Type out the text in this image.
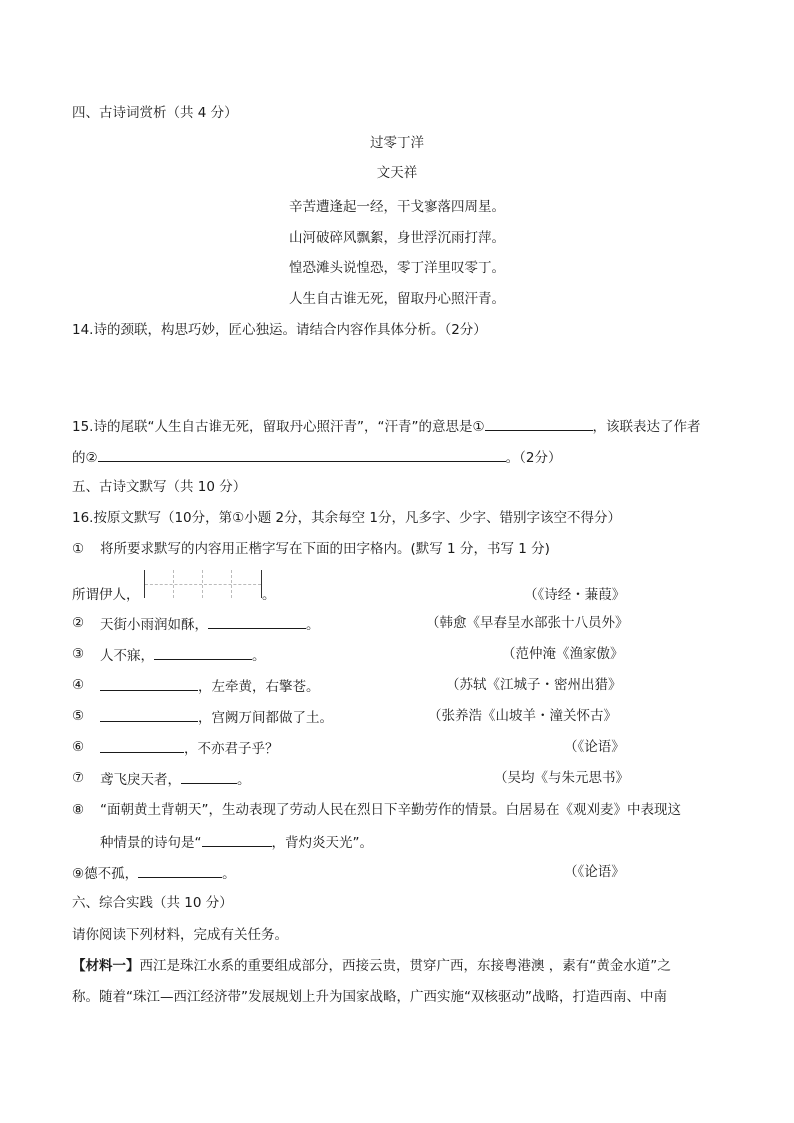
四、古诗词赏析（共 4 分）
过零丁洋
文天祥
辛苦遭逢起一经，干戈寥落四周星。
山河破碎风飘絮，身世浮沉雨打萍。
惶恐滩头说惶恐，零丁洋里叹零丁。
人生自古谁无死，留取丹心照汗青。
14.诗的颈联，构思巧妙，匠心独运。请结合内容作具体分析。（2分）
15.诗的尾联“人生自古谁无死，留取丹心照汗青”，“汗青”的意思是①	，该联表达了作者
的②	。（2分）
五、古诗文默写（共 10 分）
16.按原文默写（10分，第①小题 2分，其余每空 1分，凡多字、少字、错别字该空不得分）
① 将所要求默写的内容用正楷字写在下面的田字格内。(默写 1 分，书写 1 分)
所谓伊人，	。	（《诗经・蒹葭》
② 天街小雨润如酥，	。	（韩愈《早春呈水部张十八员外》
③ 人不寐，	。	（范仲淹《渔家傲》
④	，左牵黄，右擎苍。	（苏轼《江城子・密州出猎》
⑤	，宫阙万间都做了土。	（张养浩《山坡羊・潼关怀古》
⑥	，不亦君子乎？	（《论语》
⑦ 鸢飞戾天者，	。	（吴均《与朱元思书》
⑧ “面朝黄土背朝天”，生动表现了劳动人民在烈日下辛勤劳作的情景。白居易在《观刈麦》中表现这
种情景的诗句是“	，背灼炎天光”。
⑨德不孤，	。	（《论语》
六、综合实践（共 10 分）
请你阅读下列材料，完成有关任务。
【材料一】西江是珠江水系的重要组成部分，西接云贵，贯穿广西，东接粤港澳 ，素有“黄金水道”之
称。随着“珠江—西江经济带”发展规划上升为国家战略，广西实施“双核驱动”战略，打造西南、中南
